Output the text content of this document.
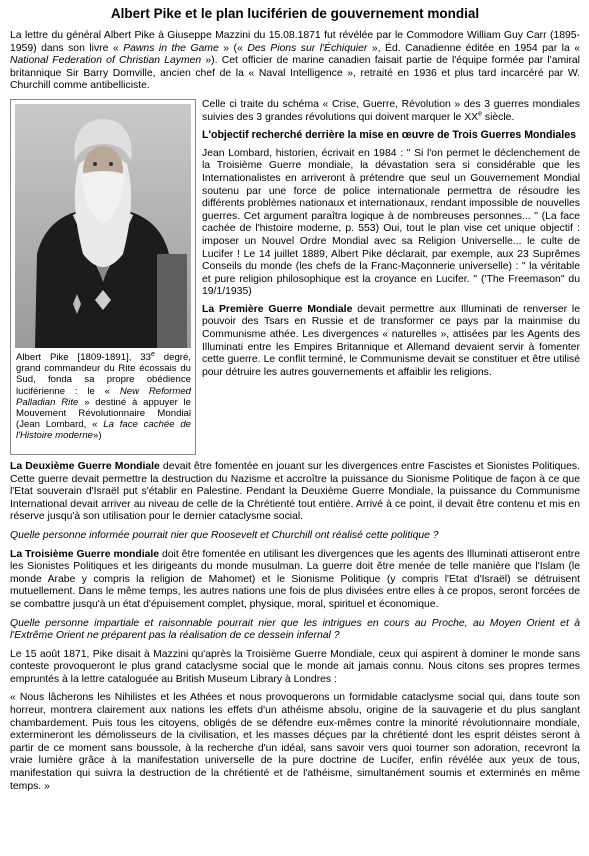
Albert Pike et le plan luciférien de gouvernement mondial

La lettre du général Albert Pike à Giuseppe Mazzini du 15.08.1871 fut révélée par le Commodore William Guy Carr (1895-1959) dans son livre « Pawns in the Game » (« Des Pions sur l'Échiquier », Éd. Canadienne éditée en 1954 par la « National Federation of Christian Laymen »). Cet officier de marine canadien faisait partie de l'équipe formée par l'amiral britannique Sir Barry Domville, ancien chef de la « Naval Intelligence », retraité en 1936 et plus tard incarcéré par W. Churchill comme antibelliciste.

Albert Pike [1809-1891], 33e degré, grand commandeur du Rite écossais du Sud, fonda sa propre obédience luciférienne : le « New Reformed Palladian Rite » destiné à appuyer le Mouvement Révolutionnaire Mondial (Jean Lombard, « La face cachée de l'Histoire moderne»)

Celle ci traite du schéma « Crise, Guerre, Révolution » des 3 guerres mondiales suivies des 3 grandes révolutions qui doivent marquer le XXe siècle.

L'objectif recherché derrière la mise en œuvre de Trois Guerres Mondiales

Jean Lombard, historien, écrivait en 1984 : " Si l'on permet le déclenchement de la Troisième Guerre mondiale, la dévastation sera si considérable que les Internationalistes en arriveront à prétendre que seul un Gouvernement Mondial soutenu par une force de police internationale permettra de résoudre les différents problèmes nationaux et internationaux, rendant impossible de nouvelles guerres. Cet argument paraîtra logique à de nombreuses personnes... " (La face cachée de l'histoire moderne, p. 553) Oui, tout le plan vise cet unique objectif : imposer un Nouvel Ordre Mondial avec sa Religion Universelle... le culte de Lucifer ! Le 14 juillet 1889, Albert Pike déclarait, par exemple, aux 23 Suprêmes Conseils du monde (les chefs de la Franc-Maçonnerie universelle) : " la véritable et pure religion philosophique est la croyance en Lucifer. " ('The Freemason" du 19/1/1935)

La Première Guerre Mondiale devait permettre aux Illuminati de renverser le pouvoir des Tsars en Russie et de transformer ce pays par la mainmise du Communisme athée. Les divergences « naturelles », attisées par les Agents des Illuminati entre les Empires Britannique et Allemand devaient servir à fomenter cette guerre. Le conflit terminé, le Communisme devait se constituer et être utilisé pour détruire les autres gouvernements et affaiblir les religions.

La Deuxième Guerre Mondiale devait être fomentée en jouant sur les divergences entre Fascistes et Sionistes Politiques. Cette guerre devait permettre la destruction du Nazisme et accroître la puissance du Sionisme Politique de façon à ce que l'Etat souverain d'Israël put s'établir en Palestine. Pendant la Deuxième Guerre Mondiale, la puissance du Communisme International devait arriver au niveau de celle de la Chrétienté tout entière. Arrivé à ce point, il devait être contenu et mis en réserve jusqu'à son utilisation pour le dernier cataclysme social.

Quelle personne informée pourrait nier que Roosevelt et Churchill ont réalisé cette politique ?

La Troisième Guerre mondiale doit être fomentée en utilisant les divergences que les agents des Illuminati attiseront entre les Sionistes Politiques et les dirigeants du monde musulman. La guerre doit être menée de telle manière que l'Islam (le monde Arabe y compris la religion de Mahomet) et le Sionisme Politique (y compris l'Etat d'Israël) se détruisent mutuellement. Dans le même temps, les autres nations une fois de plus divisées entre elles à ce propos, seront forcées de se combattre jusqu'à un état d'épuisement complet, physique, moral, spirituel et économique.

Quelle personne impartiale et raisonnable pourrait nier que les intrigues en cours au Proche, au Moyen Orient et à l'Extrême Orient ne préparent pas la réalisation de ce dessein infernal ?

Le 15 août 1871, Pike disait à Mazzini qu'après la Troisième Guerre Mondiale, ceux qui aspirent à dominer le monde sans conteste provoqueront le plus grand cataclysme social que le monde ait jamais connu. Nous citons ses propres termes empruntés à la lettre cataloguée au British Museum Library à Londres :

« Nous lâcherons les Nihilistes et les Athées et nous provoquerons un formidable cataclysme social qui, dans toute son horreur, montrera clairement aux nations les effets d'un athéisme absolu, origine de la sauvagerie et du plus sanglant chambardement. Puis tous les citoyens, obligés de se défendre eux-mêmes contre la minorité révolutionnaire mondiale, extermineront les démolisseurs de la civilisation, et les masses déçues par la chrétienté dont les esprit déistes seront à partir de ce moment sans boussole, à la recherche d'un idéal, sans savoir vers quoi tourner son adoration, recevront la vraie lumière grâce à la manifestation universelle de la pure doctrine de Lucifer, enfin révélée aux yeux de tous, manifestation qui suivra la destruction de la chrétienté et de l'athéisme, simultanément soumis et exterminés en même temps. »
